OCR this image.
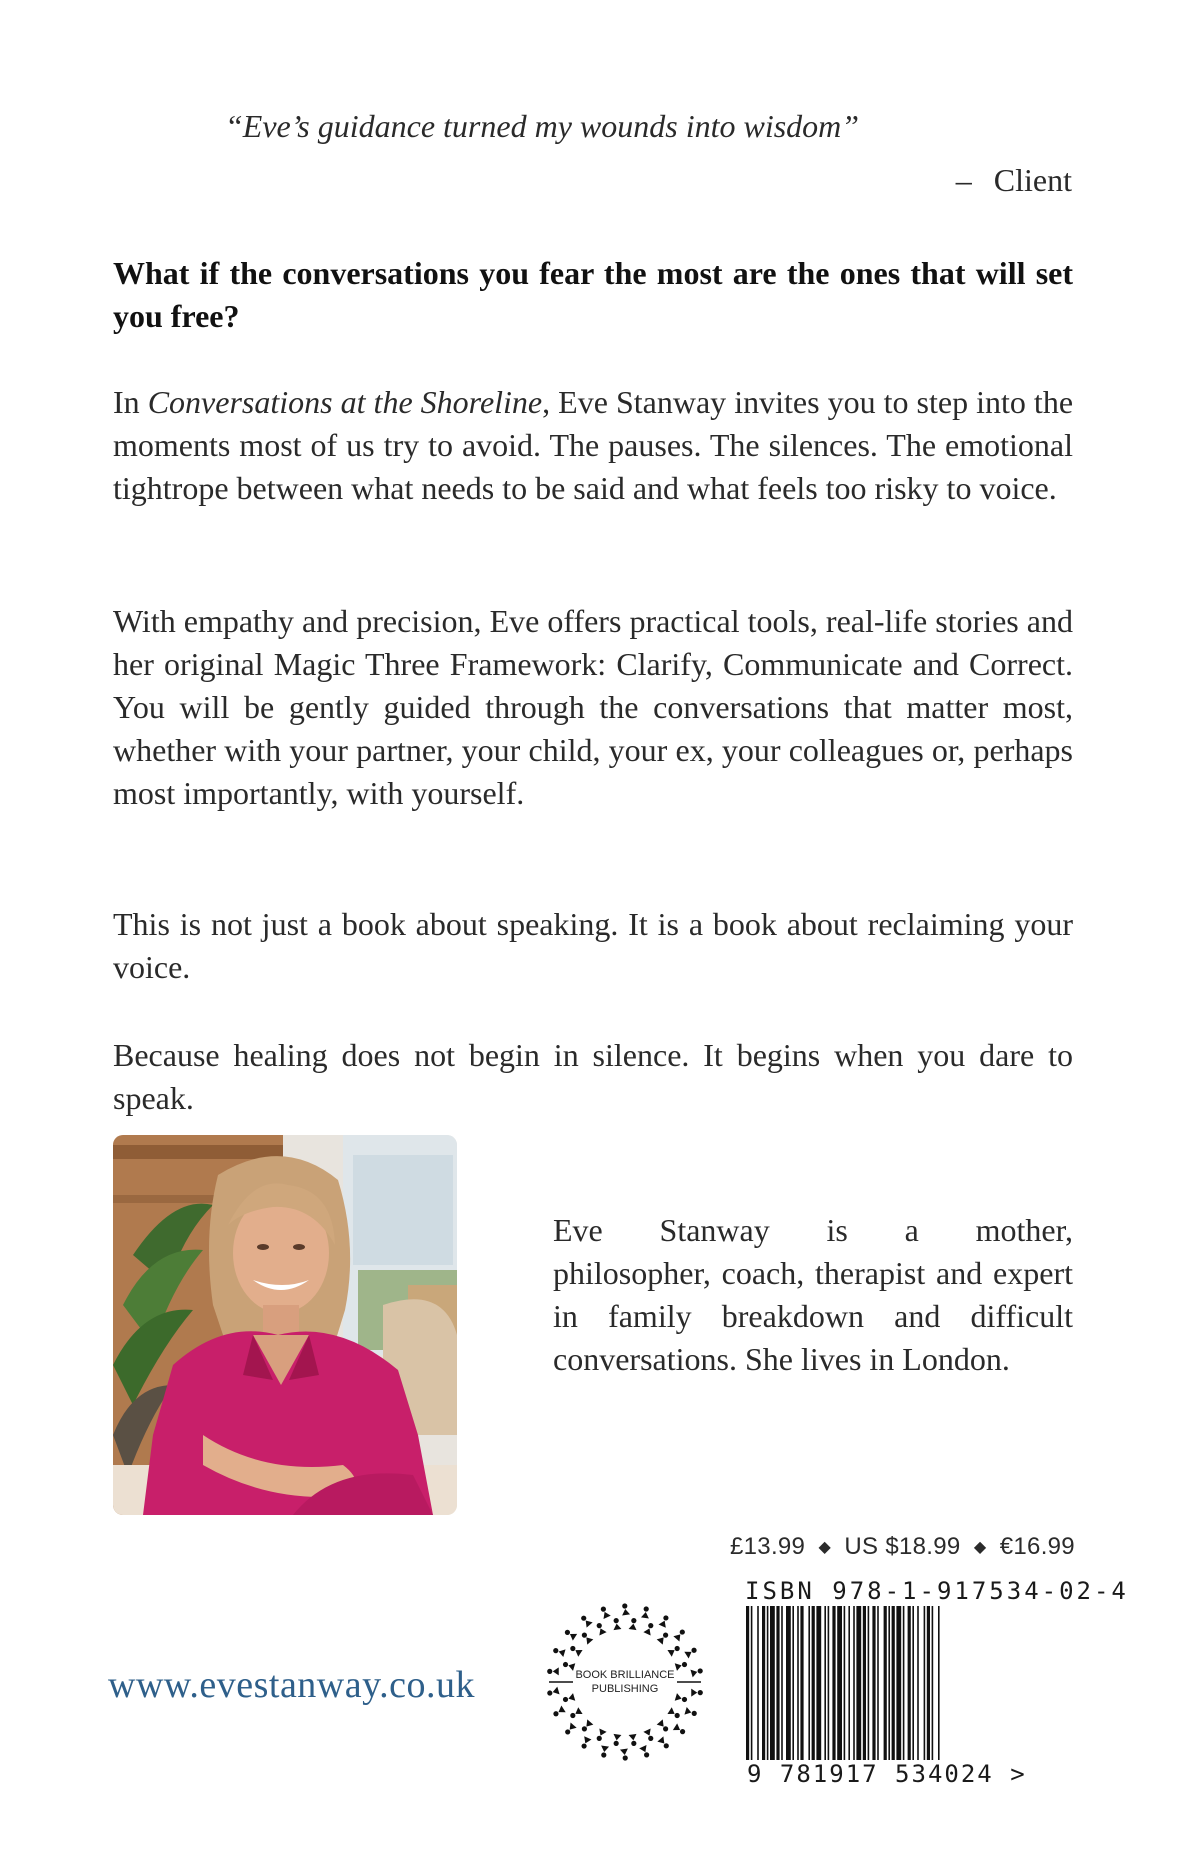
“Eve’s guidance turned my wounds into wisdom”
– Client
What if the conversations you fear the most are the ones that will set you free?

In Conversations at the Shoreline, Eve Stanway invites you to step into the moments most of us try to avoid. The pauses. The silences. The emotional tightrope between what needs to be said and what feels too risky to voice.

With empathy and precision, Eve offers practical tools, real-life stories and her original Magic Three Framework: Clarify, Communicate and Correct. You will be gently guided through the conversations that matter most, whether with your partner, your child, your ex, your colleagues or, perhaps most importantly, with yourself.

This is not just a book about speaking. It is a book about reclaiming your voice.

Because healing does not begin in silence. It begins when you dare to speak.

Eve Stanway is a mother,
philosopher, coach, therapist and expert in family breakdown and difficult conversations. She lives in London.
£13.99 ◆ US $18.99 ◆ €16.99
ISBN 978-1-917534-02-4
9 781917 534024 >
BOOK BRILLIANCE
PUBLISHING
www.evestanway.co.uk
